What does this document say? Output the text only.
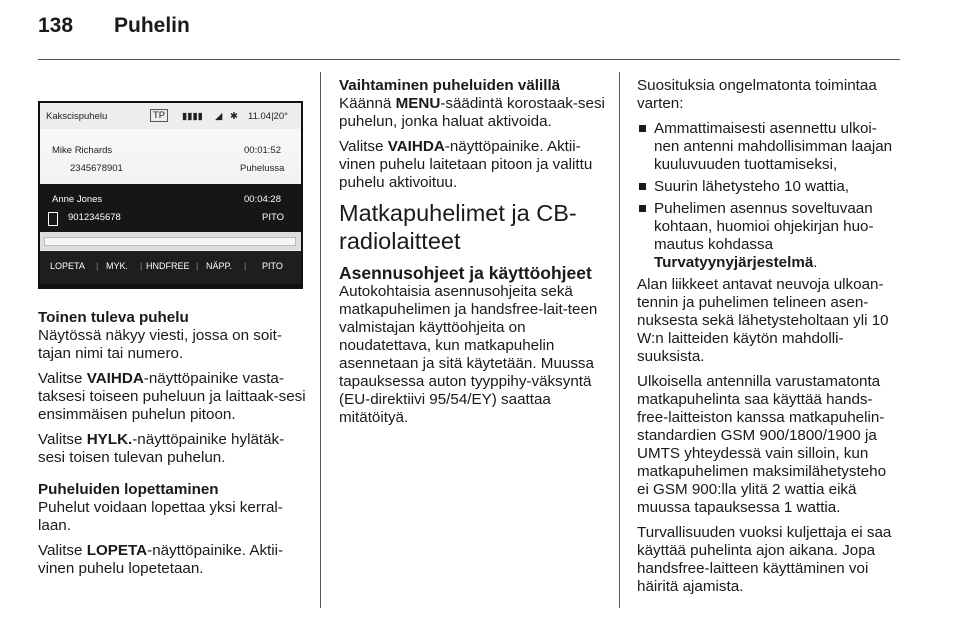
138 Puhelin
Kakscispuhelu	TP	▮▮▮▮ ◢ ✱ 11.04|20°
Mike Richards
2345678901
00:01:52
Puhelussa
Anne Jones
9012345678
00:04:28
PITO
LOPETA | MYK. | HNDFREE | NÄPP. | PITO

Toinen tuleva puhelu

Näytössä näkyy viesti, jossa on soit-tajan nimi tai numero.

Valitse VAIHDA-näyttöpainike vasta-taksesi toiseen puheluun ja laittaak-sesi ensimmäisen puhelun pitoon.

Valitse HYLK.-näyttöpainike hylätäk-sesi toisen tulevan puhelun.

Puheluiden lopettaminen

Puhelut voidaan lopettaa yksi kerral-laan.

Valitse LOPETA-näyttöpainike. Aktii-vinen puhelu lopetetaan.

Vaihtaminen puheluiden välillä

Käännä MENU-säädintä korostaak-sesi puhelun, jonka haluat aktivoida.

Valitse VAIHDA-näyttöpainike. Aktii-vinen puhelu laitetaan pitoon ja valittu puhelu aktivoituu.

Matkapuhelimet ja CB-radiolaitteet
Asennusohjeet ja käyttöohjeet

Autokohtaisia asennusohjeita sekä matkapuhelimen ja handsfree-lait-teen valmistajan käyttöohjeita on noudatettava, kun matkapuhelin asennetaan ja sitä käytetään. Muussa tapauksessa auton tyyppihy-väksyntä (EU-direktiivi 95/54/EY) saattaa mitätöityä.

Suosituksia ongelmatonta toimintaa varten:

Ammattimaisesti asennettu ulkoi-nen antenni mahdollisimman laajan kuuluvuuden tuottamiseksi,
Suurin lähetysteho 10 wattia,
Puhelimen asennus soveltuvaan kohtaan, huomioi ohjekirjan huo-mautus kohdassa Turvatyynyjärjestelmä.

Alan liikkeet antavat neuvoja ulkoan-tennin ja puhelimen telineen asen-nuksesta sekä lähetysteholtaan yli 10 W:n laitteiden käytön mahdolli-suuksista.

Ulkoisella antennilla varustamatonta matkapuhelinta saa käyttää hands-free-laitteiston kanssa matkapuhelin-standardien GSM 900/1800/1900 ja UMTS yhteydessä vain silloin, kun matkapuhelimen maksimilähetysteho ei GSM 900:lla ylitä 2 wattia eikä muussa tapauksessa 1 wattia.

Turvallisuuden vuoksi kuljettaja ei saa käyttää puhelinta ajon aikana. Jopa handsfree-laitteen käyttäminen voi häiritä ajamista.
